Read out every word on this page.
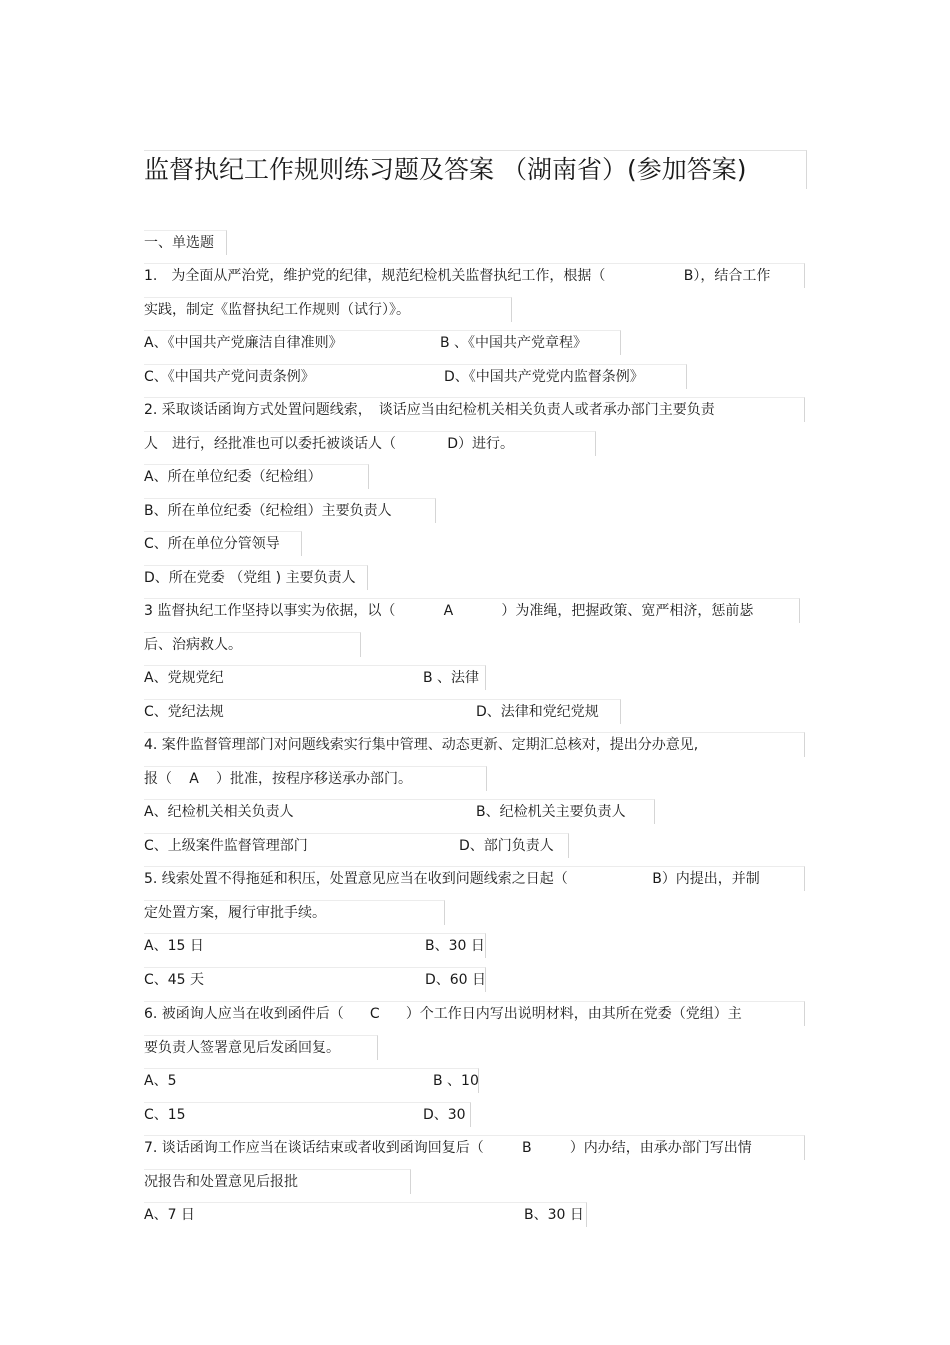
监督执纪工作规则练习题及答案 （湖南省）(参加答案)
一、单选题
1.　为全面从严治党，维护党的纪律，规范纪检机关监督执纪工作，根据（	B），结合工作
实践，制定《监督执纪工作规则（试行）》。
A、《中国共产党廉洁自律准则》	B 、《中国共产党章程》
C、《中国共产党问责条例》	D、《中国共产党党内监督条例》
2. 采取谈话函询方式处置问题线索，　谈话应当由纪检机关相关负责人或者承办部门主要负责
人　进行，经批准也可以委托被谈话人（	D）进行。
A、所在单位纪委（纪检组）
B、所在单位纪委（纪检组）主要负责人
C、所在单位分管领导
D、所在党委 （党组 ) 主要负责人
3 监督执纪工作坚持以事实为依据，以（	A	）为准绳，把握政策、宽严相济，惩前毖
后、治病救人。
A、党规党纪	B 、法律
C、党纪法规	D、法律和党纪党规
4. 案件监督管理部门对问题线索实行集中管理、动态更新、定期汇总核对，提出分办意见,
报（ A ）批准，按程序移送承办部门。
A、纪检机关相关负责人	B、纪检机关主要负责人
C、上级案件监督管理部门	D、部门负责人
5. 线索处置不得拖延和积压，处置意见应当在收到问题线索之日起（	B）内提出，并制
定处置方案，履行审批手续。
A、15 日	B、30 日
C、45 天	D、60 日
6. 被函询人应当在收到函件后（ C ）个工作日内写出说明材料，由其所在党委（党组）主
要负责人签署意见后发函回复。
A、5	B 、10
C、15	D、30
7. 谈话函询工作应当在谈话结束或者收到函询回复后（	B	）内办结，由承办部门写出情
况报告和处置意见后报批
A、7 日	B、30 日
